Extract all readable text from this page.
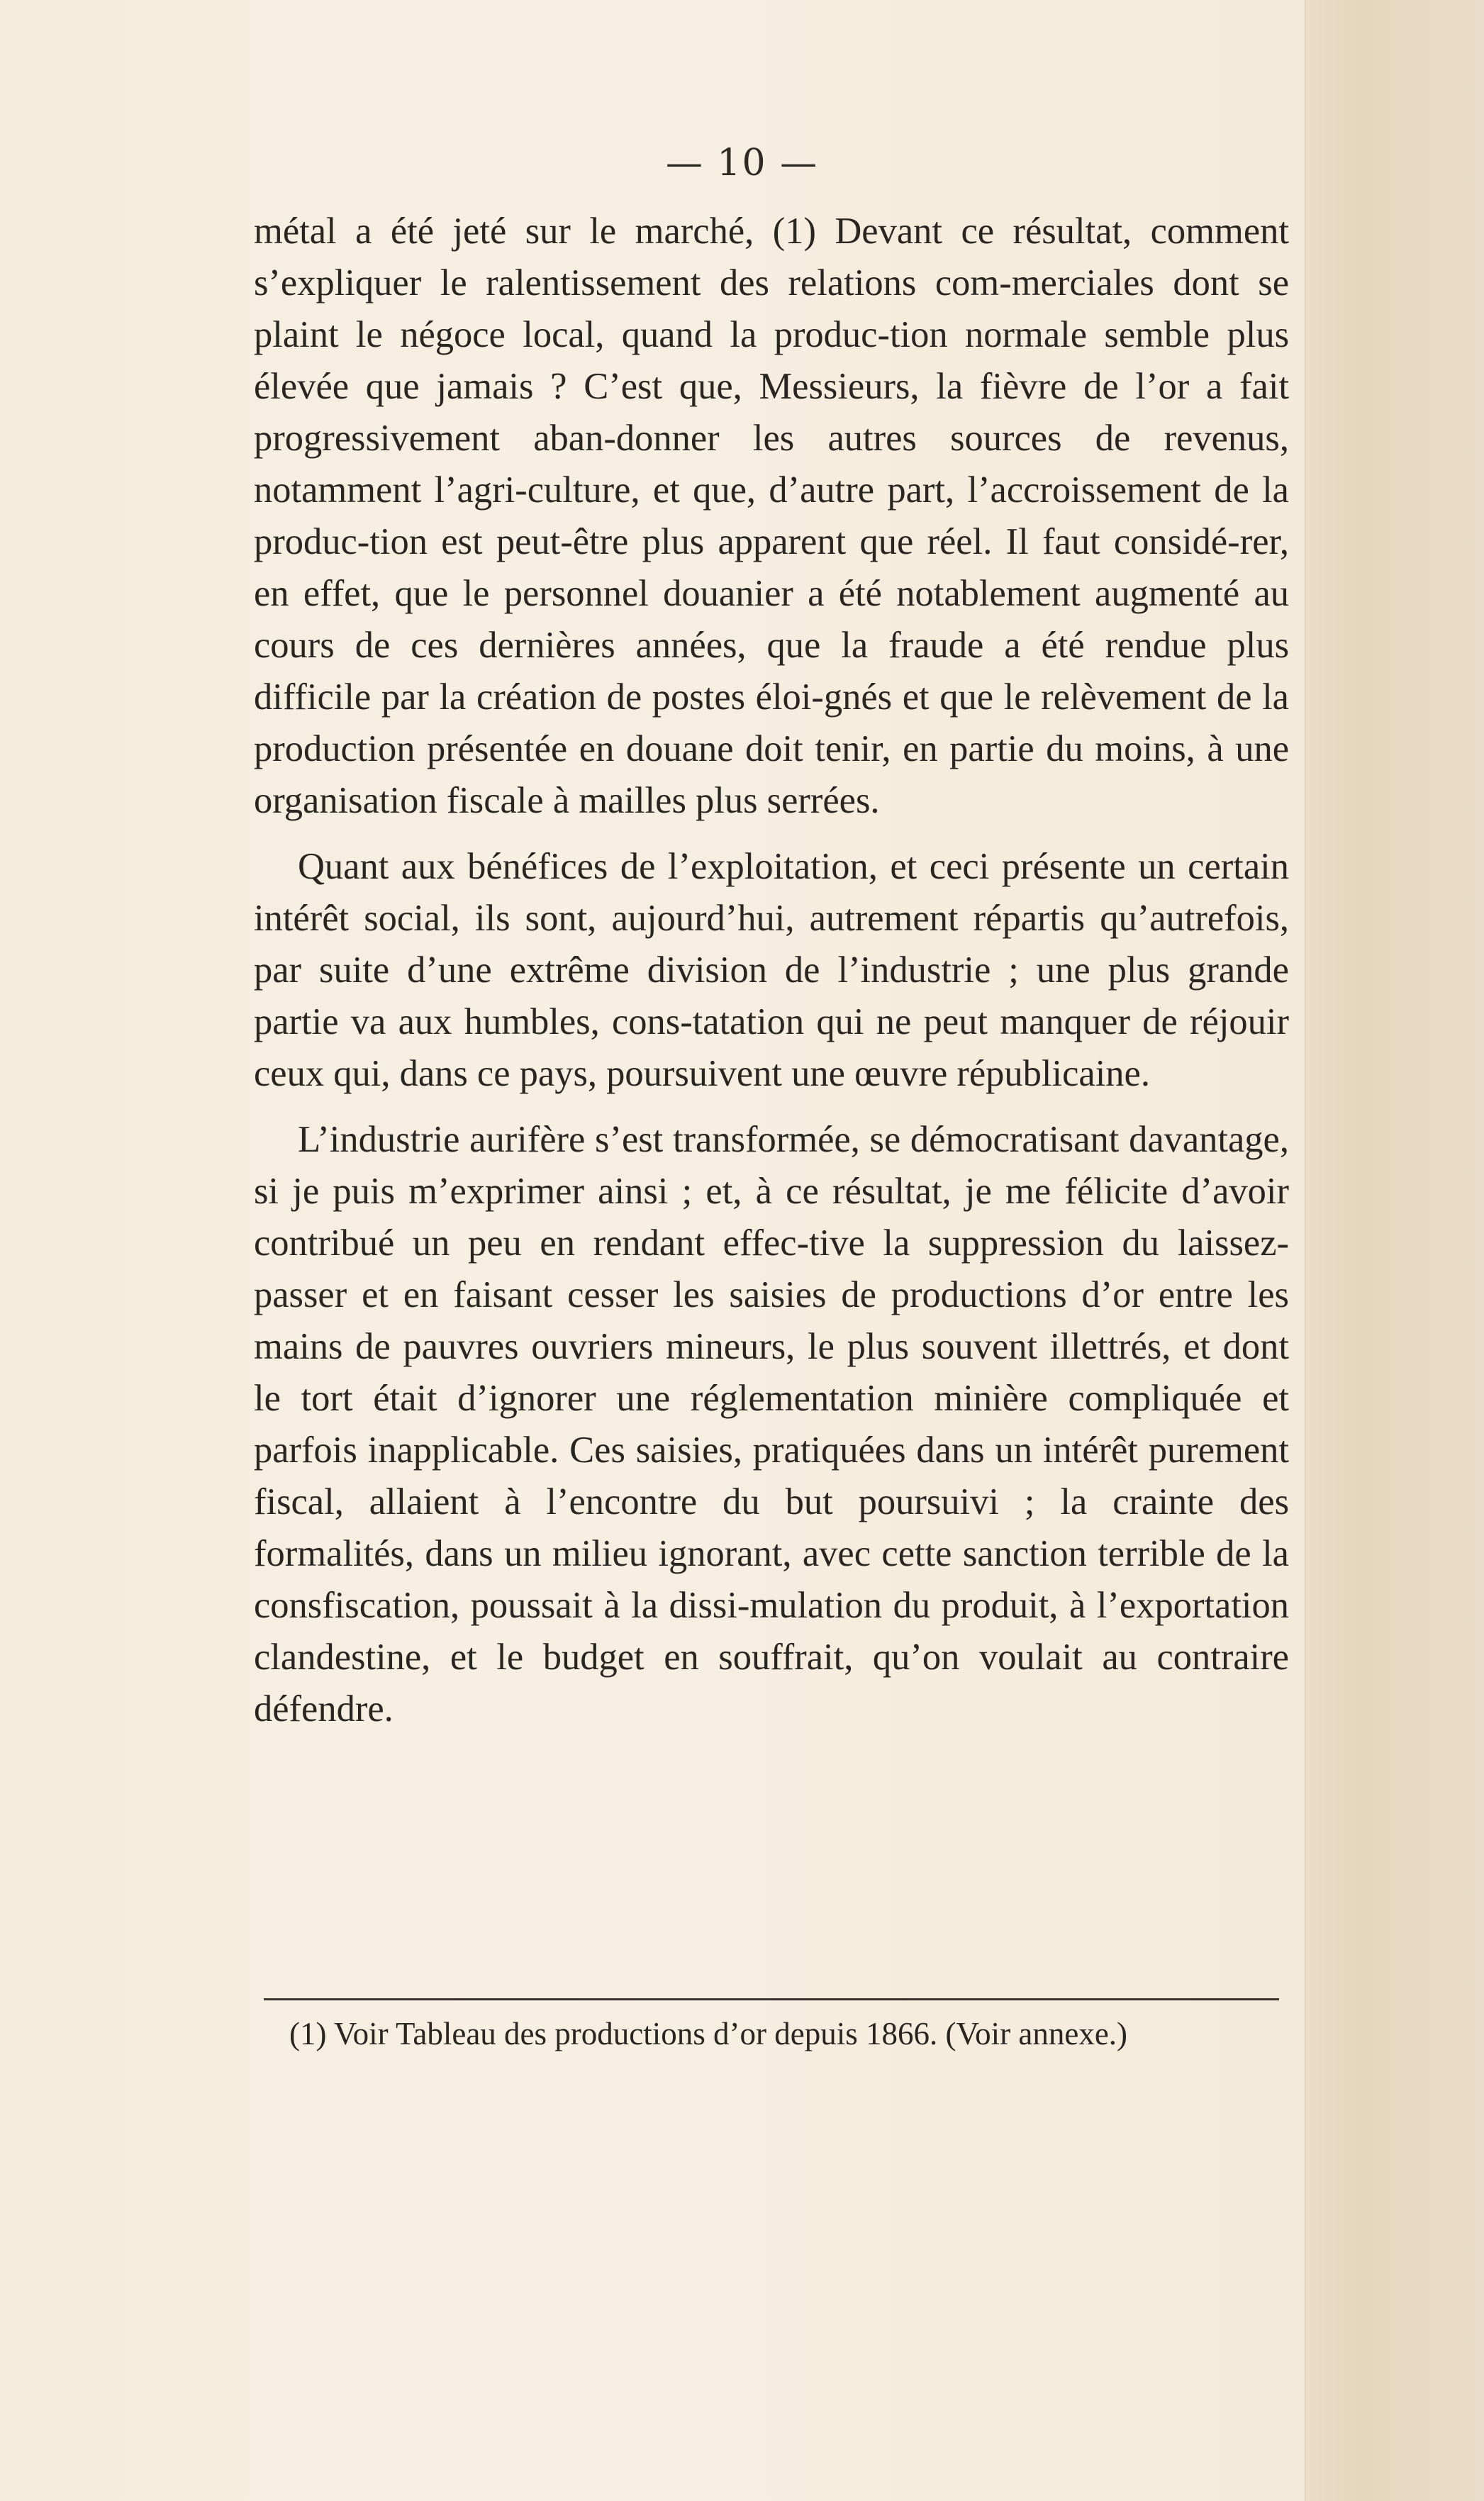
— 10 —

métal a été jeté sur le marché, (1) Devant ce résultat, comment s’expliquer le ralentissement des relations com-merciales dont se plaint le négoce local, quand la produc-tion normale semble plus élevée que jamais ? C’est que, Messieurs, la fièvre de l’or a fait progressivement aban-donner les autres sources de revenus, notamment l’agri-culture, et que, d’autre part, l’accroissement de la produc-tion est peut-être plus apparent que réel. Il faut considé-rer, en effet, que le personnel douanier a été notablement augmenté au cours de ces dernières années, que la fraude a été rendue plus difficile par la création de postes éloi-gnés et que le relèvement de la production présentée en douane doit tenir, en partie du moins, à une organisation fiscale à mailles plus serrées.

Quant aux bénéfices de l’exploitation, et ceci présente un certain intérêt social, ils sont, aujourd’hui, autrement répartis qu’autrefois, par suite d’une extrême division de l’industrie ; une plus grande partie va aux humbles, cons-tatation qui ne peut manquer de réjouir ceux qui, dans ce pays, poursuivent une œuvre républicaine.

L’industrie aurifère s’est transformée, se démocratisant davantage, si je puis m’exprimer ainsi ; et, à ce résultat, je me félicite d’avoir contribué un peu en rendant effec-tive la suppression du laissez-passer et en faisant cesser les saisies de productions d’or entre les mains de pauvres ouvriers mineurs, le plus souvent illettrés, et dont le tort était d’ignorer une réglementation minière compliquée et parfois inapplicable. Ces saisies, pratiquées dans un intérêt purement fiscal, allaient à l’encontre du but poursuivi ; la crainte des formalités, dans un milieu ignorant, avec cette sanction terrible de la consfiscation, poussait à la dissi-mulation du produit, à l’exportation clandestine, et le budget en souffrait, qu’on voulait au contraire défendre.

(1) Voir Tableau des productions d’or depuis 1866. (Voir annexe.)
